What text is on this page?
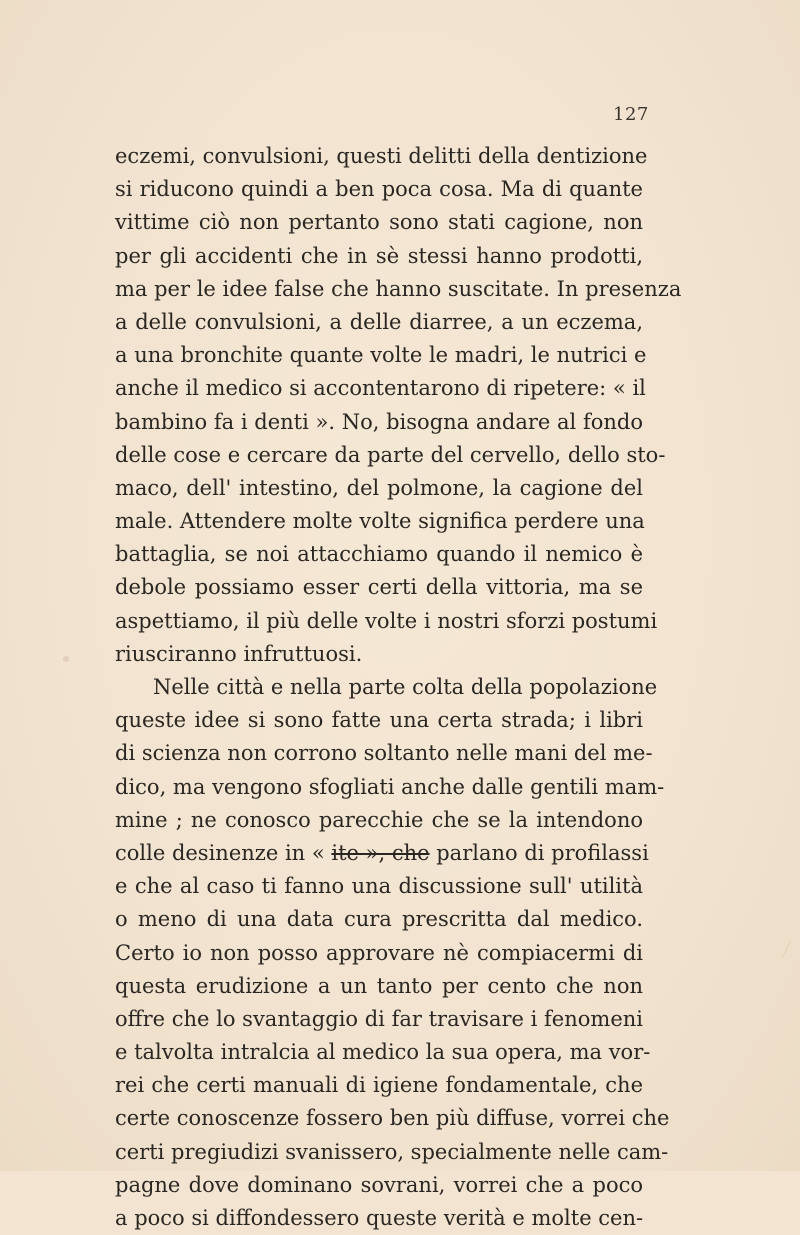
127
eczemi, convulsioni, questi delitti della dentizione
si riducono quindi a ben poca cosa. Ma di quante
vittime ciò non pertanto sono stati cagione, non
per gli accidenti che in sè stessi hanno prodotti,
ma per le idee false che hanno suscitate. In presenza
a delle convulsioni, a delle diarree, a un eczema,
a una bronchite quante volte le madri, le nutrici e
anche il medico si accontentarono di ripetere: « il
bambino fa i denti ». No, bisogna andare al fondo
delle cose e cercare da parte del cervello, dello sto-
maco, dell' intestino, del polmone, la cagione del
male. Attendere molte volte significa perdere una
battaglia, se noi attacchiamo quando il nemico è
debole possiamo esser certi della vittoria, ma se
aspettiamo, il più delle volte i nostri sforzi postumi
riusciranno infruttuosi.
Nelle città e nella parte colta della popolazione
queste idee si sono fatte una certa strada; i libri
di scienza non corrono soltanto nelle mani del me-
dico, ma vengono sfogliati anche dalle gentili mam-
mine ; ne conosco parecchie che se la intendono
colle desinenze in « ite », che parlano di profilassi
e che al caso ti fanno una discussione sull' utilità
o meno di una data cura prescritta dal medico.
Certo io non posso approvare nè compiacermi di
questa erudizione a un tanto per cento che non
offre che lo svantaggio di far travisare i fenomeni
e talvolta intralcia al medico la sua opera, ma vor-
rei che certi manuali di igiene fondamentale, che
certe conoscenze fossero ben più diffuse, vorrei che
certi pregiudizi svanissero, specialmente nelle cam-
pagne dove dominano sovrani, vorrei che a poco
a poco si diffondessero queste verità e molte cen-
